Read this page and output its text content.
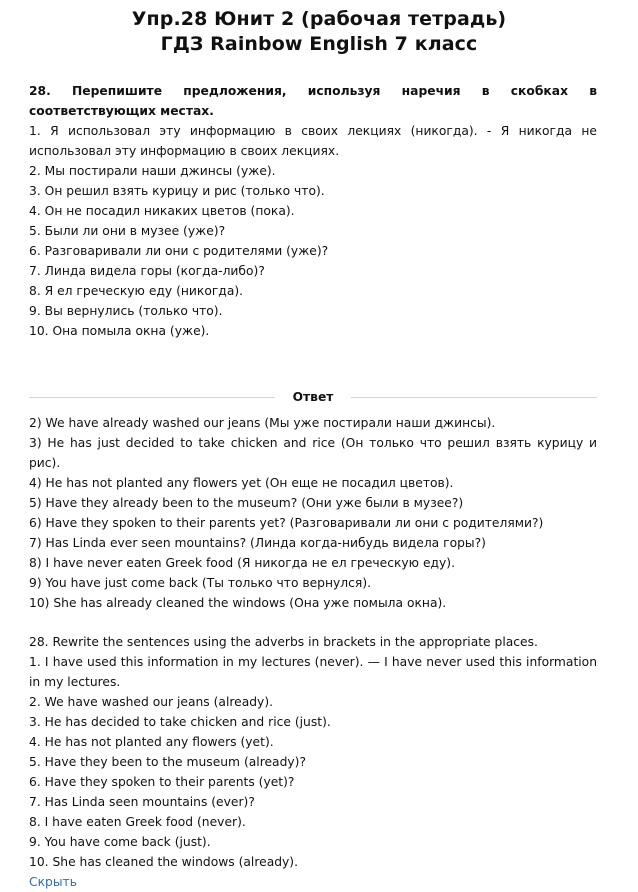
Упр.28 Юнит 2 (рабочая тетрадь)
ГДЗ Rainbow English 7 класс
28. Перепишите предложения, используя наречия в скобках в соответствующих местах.
1. Я использовал эту информацию в своих лекциях (никогда). - Я никогда не использовал эту информацию в своих лекциях.
2. Мы постирали наши джинсы (уже).
3. Он решил взять курицу и рис (только что).
4. Он не посадил никаких цветов (пока).
5. Были ли они в музее (уже)?
6. Разговаривали ли они с родителями (уже)?
7. Линда видела горы (когда-либо)?
8. Я ел греческую еду (никогда).
9. Вы вернулись (только что).
10. Она помыла окна (уже).
Ответ
2) We have already washed our jeans (Мы уже постирали наши джинсы).
3) He has just decided to take chicken and rice (Он только что решил взять курицу и рис).
4) He has not planted any flowers yet (Он еще не посадил цветов).
5) Have they already been to the museum? (Они уже были в музее?)
6) Have they spoken to their parents yet? (Разговаривали ли они с родителями?)
7) Has Linda ever seen mountains? (Линда когда-нибудь видела горы?)
8) I have never eaten Greek food (Я никогда не ел греческую еду).
9) You have just come back (Ты только что вернулся).
10) She has already cleaned the windows (Она уже помыла окна).
28. Rewrite the sentences using the adverbs in brackets in the appropriate places.
1. I have used this information in my lectures (never). — I have never used this information in my lectures.
2. We have washed our jeans (already).
3. He has decided to take chicken and rice (just).
4. He has not planted any flowers (yet).
5. Have they been to the museum (already)?
6. Have they spoken to their parents (yet)?
7. Has Linda seen mountains (ever)?
8. I have eaten Greek food (never).
9. You have come back (just).
10. She has cleaned the windows (already).
Скрыть
